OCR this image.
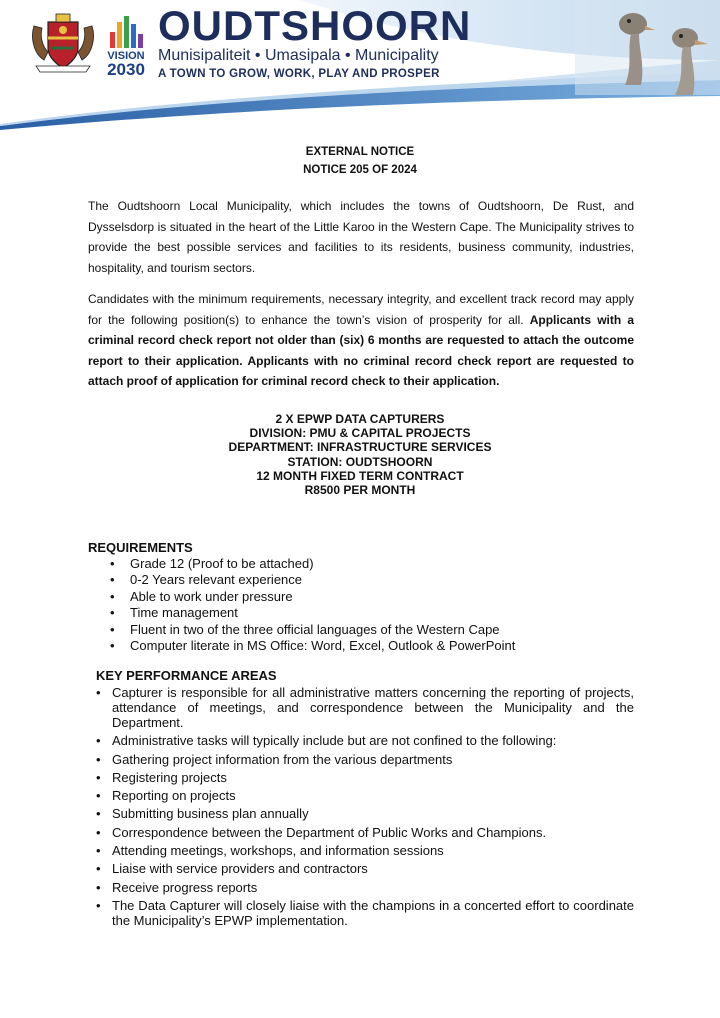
VISION
2030
OUDTSHOORN
Munisipaliteit • Umasipala • Municipality
A TOWN TO GROW, WORK, PLAY AND PROSPER
EXTERNAL NOTICE
NOTICE 205 OF 2024
The Oudtshoorn Local Municipality, which includes the towns of Oudtshoorn, De Rust, and Dysselsdorp is situated in the heart of the Little Karoo in the Western Cape. The Municipality strives to provide the best possible services and facilities to its residents, business community, industries, hospitality, and tourism sectors.
Candidates with the minimum requirements, necessary integrity, and excellent track record may apply for the following position(s) to enhance the town’s vision of prosperity for all. Applicants with a criminal record check report not older than (six) 6 months are requested to attach the outcome report to their application. Applicants with no criminal record check report are requested to attach proof of application for criminal record check to their application.
2 X EPWP DATA CAPTURERS
DIVISION: PMU & CAPITAL PROJECTS
DEPARTMENT: INFRASTRUCTURE SERVICES
STATION: OUDTSHOORN
12 MONTH FIXED TERM CONTRACT
R8500 PER MONTH
REQUIREMENTS
• Grade 12 (Proof to be attached)
• 0-2 Years relevant experience
• Able to work under pressure
• Time management
• Fluent in two of the three official languages of the Western Cape
• Computer literate in MS Office: Word, Excel, Outlook & PowerPoint
KEY PERFORMANCE AREAS
• Capturer is responsible for all administrative matters concerning the reporting of projects, attendance of meetings, and correspondence between the Municipality and the Department.
• Administrative tasks will typically include but are not confined to the following:
• Gathering project information from the various departments
• Registering projects
• Reporting on projects
• Submitting business plan annually
• Correspondence between the Department of Public Works and Champions.
• Attending meetings, workshops, and information sessions
• Liaise with service providers and contractors
• Receive progress reports
• The Data Capturer will closely liaise with the champions in a concerted effort to coordinate the Municipality’s EPWP implementation.
